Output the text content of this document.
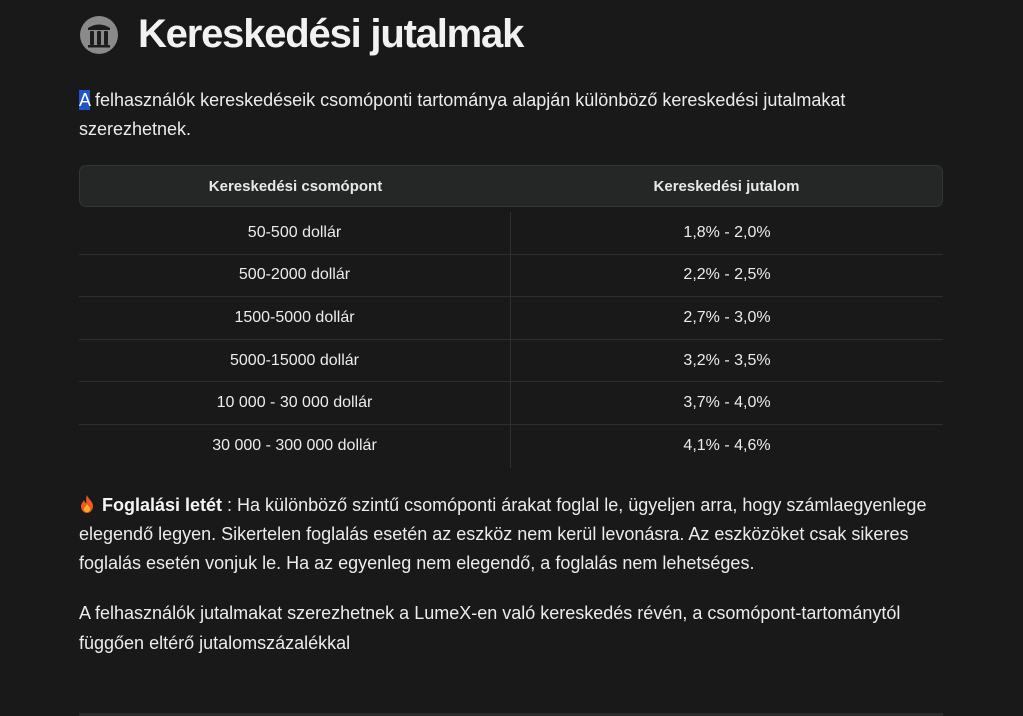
Kereskedési jutalmak

A felhasználók kereskedéseik csomóponti tartománya alapján különböző kereskedési jutalmakat szerezhetnek.

Kereskedési csomópont	Kereskedési jutalom
50-500 dollár	1,8% - 2,0%
500-2000 dollár	2,2% - 2,5%
1500-5000 dollár	2,7% - 3,0%
5000-15000 dollár	3,2% - 3,5%
10 000 - 30 000 dollár	3,7% - 4,0%
30 000 - 300 000 dollár	4,1% - 4,6%

Foglalási letét : Ha különböző szintű csomóponti árakat foglal le, ügyeljen arra, hogy számlaegyenlege elegendő legyen. Sikertelen foglalás esetén az eszköz nem kerül levonásra. Az eszközöket csak sikeres foglalás esetén vonjuk le. Ha az egyenleg nem elegendő, a foglalás nem lehetséges.

A felhasználók jutalmakat szerezhetnek a LumeX-en való kereskedés révén, a csomópont-tartománytól függően eltérő jutalomszázalékkal
